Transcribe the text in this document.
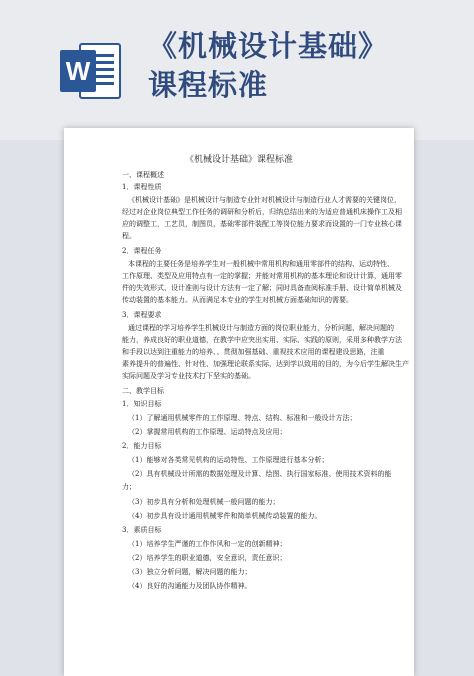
W
《机械设计基础》
课程标准
《机械设计基础》课程标准
一、课程概述
1．课程性质
《机械设计基础》是机械设计与制造专业针对机械设计与制造行业人才需要的关键岗位，
经过对企业岗位典型工作任务的调研和分析后，归纳总结出来的为适应普通机床操作工及相
应的调整工，工艺员，制图员，基础零部件装配工等岗位能力要求而设置的一门专业核心课
程。
2．课程任务
本课程的主要任务是培养学生对一般机械中常用机构和通用零部件的结构、运动特性、
工作原理、类型及应用特点有一定的掌握；并能对常用机构的基本理论和设计计算，通用零
件的失效形式、设计准则与设计方法有一定了解；同时具备查阅标准手册、设计简单机械及
传动装置的基本能力。从而满足本专业的学生对机械方面基础知识的需要。
3．课程要求
通过课程的学习培养学生机械设计与制造方面的岗位职业能力，分析问题、解决问题的
能力，养成良好的职业道德，在教学中应突出实用、实际、实践的原则，采用多种教学方法
和手段以达到注重能力的培养、、贯彻加强基础、重视技术应用的课程建设思路，注重
素养提升的普遍性、针对性、加强理论联系实际，达到学以致用的目的，为今后学生解决生产
实际问题及学习专业技术打下坚实的基础。
二、教学目标
1．知识目标
（1）了解通用机械零件的工作原理、特点、结构、标准和一般设计方法；
（2）掌握常用机构的工作原理、运动特点及应用；
2．能力目标
（1）能够对各类常见机构的运动特性、工作原理进行基本分析；
（2）具有机械设计所需的数据处理及计算、绘图、执行国家标准、使用技术资料的能
力；
（3）初步具有分析和处理机械一般问题的能力；
（4）初步具有设计通用机械零件和简单机械传动装置的能力。
3．素质目标
（1）培养学生严谨的工作作风和一定的创新精神；
（2）培养学生的职业道德，安全意识，责任意识；
（3）独立分析问题，解决问题的能力；
（4）良好的沟通能力及团队协作精神。
